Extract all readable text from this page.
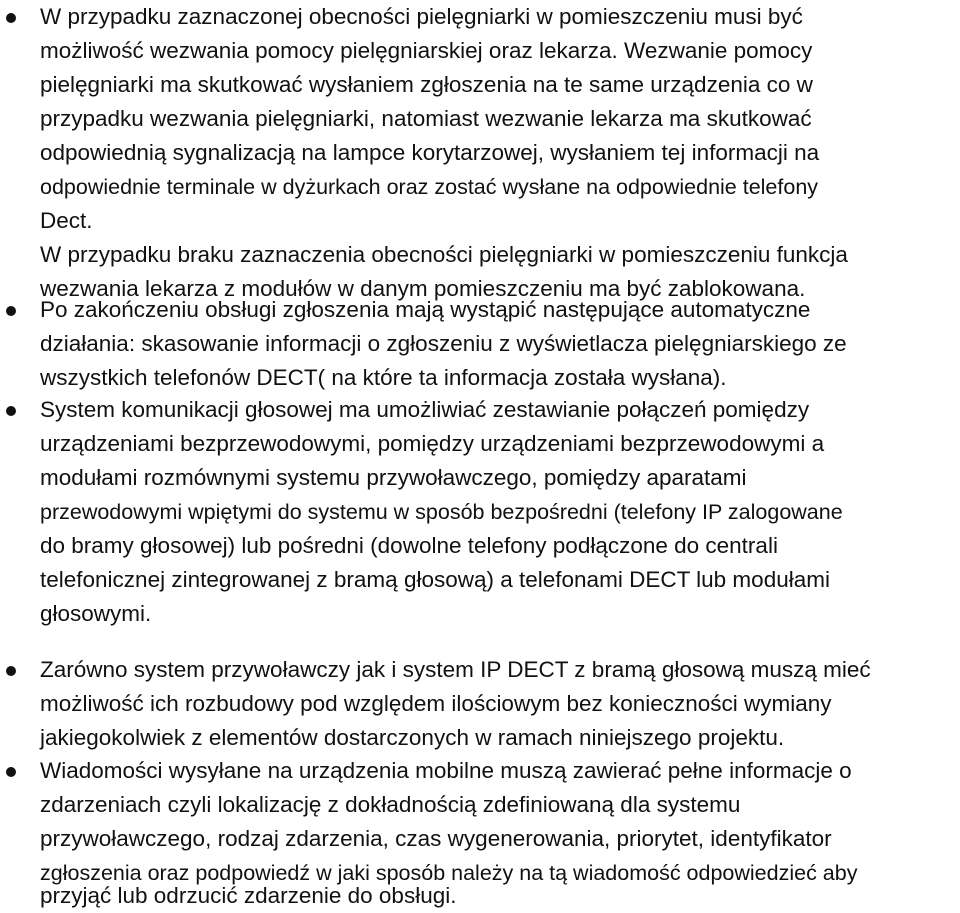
W przypadku zaznaczonej obecności pielęgniarki w pomieszczeniu musi być
możliwość wezwania pomocy pielęgniarskiej oraz lekarza. Wezwanie pomocy
pielęgniarki ma skutkować wysłaniem zgłoszenia na te same urządzenia co w
przypadku wezwania pielęgniarki, natomiast wezwanie lekarza ma skutkować
odpowiednią sygnalizacją na lampce korytarzowej, wysłaniem tej informacji na
odpowiednie terminale w dyżurkach oraz zostać wysłane na odpowiednie telefony
Dect.
W przypadku braku zaznaczenia obecności pielęgniarki w pomieszczeniu funkcja
wezwania lekarza z modułów w danym pomieszczeniu ma być zablokowana.
Po zakończeniu obsługi zgłoszenia mają wystąpić następujące automatyczne
działania: skasowanie informacji o zgłoszeniu z wyświetlacza pielęgniarskiego ze
wszystkich telefonów DECT( na które ta informacja została wysłana).
System komunikacji głosowej ma umożliwiać zestawianie połączeń pomiędzy
urządzeniami bezprzewodowymi, pomiędzy urządzeniami bezprzewodowymi a
modułami rozmównymi systemu przywoławczego, pomiędzy aparatami
przewodowymi wpiętymi do systemu w sposób bezpośredni (telefony IP zalogowane
do bramy głosowej) lub pośredni (dowolne telefony podłączone do centrali
telefonicznej zintegrowanej z bramą głosową) a telefonami DECT lub modułami
głosowymi.
Zarówno system przywoławczy jak i system IP DECT z bramą głosową muszą mieć
możliwość ich rozbudowy pod względem ilościowym bez konieczności wymiany
jakiegokolwiek z elementów dostarczonych w ramach niniejszego projektu.
Wiadomości wysyłane na urządzenia mobilne muszą zawierać pełne informacje o
zdarzeniach czyli lokalizację z dokładnością zdefiniowaną dla systemu
przywoławczego, rodzaj zdarzenia, czas wygenerowania, priorytet, identyfikator
zgłoszenia oraz podpowiedź w jaki sposób należy na tą wiadomość odpowiedzieć aby
przyjąć lub odrzucić zdarzenie do obsługi.
